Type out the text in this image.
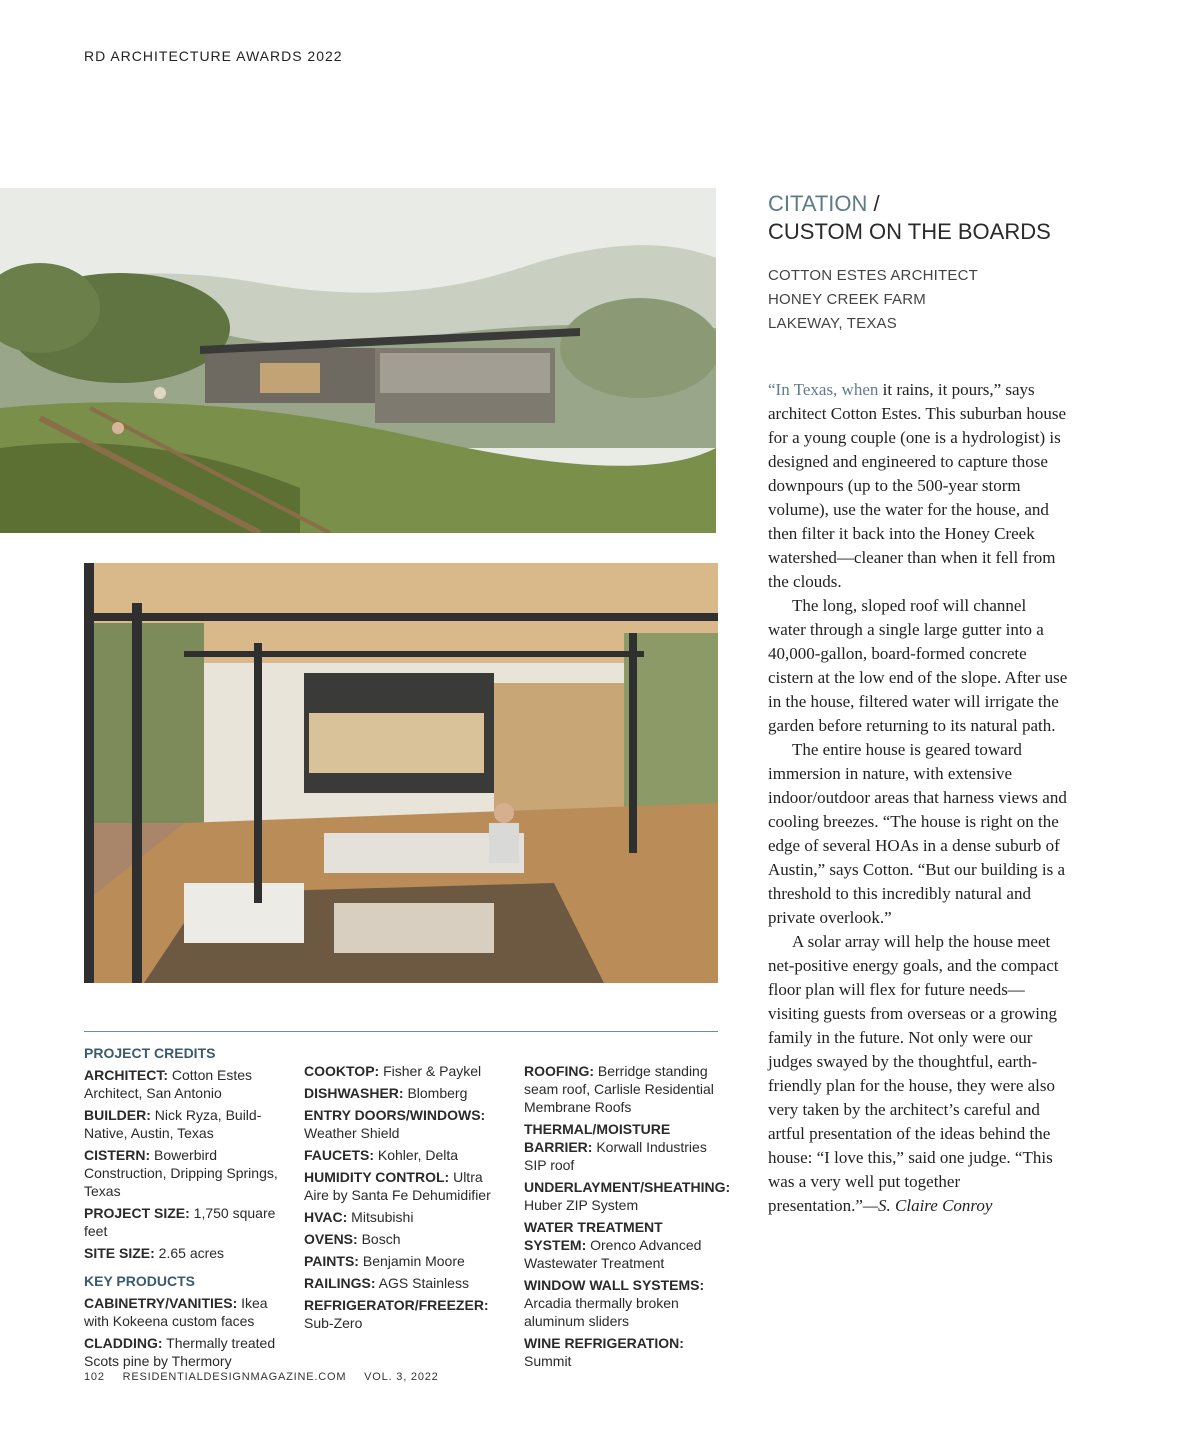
RD ARCHITECTURE AWARDS 2022
CITATION /
CUSTOM ON THE BOARDS
COTTON ESTES ARCHITECT
HONEY CREEK FARM
LAKEWAY, TEXAS

“In Texas, when it rains, it pours,” says architect Cotton Estes. This suburban house for a young couple (one is a hydrologist) is designed and engineered to capture those downpours (up to the 500-year storm volume), use the water for the house, and then filter it back into the Honey Creek watershed—cleaner than when it fell from the clouds.

The long, sloped roof will channel water through a single large gutter into a 40,000-gallon, board-formed concrete cistern at the low end of the slope. After use in the house, filtered water will irrigate the garden before returning to its natural path.

The entire house is geared toward immersion in nature, with extensive indoor/outdoor areas that harness views and cooling breezes. “The house is right on the edge of several HOAs in a dense suburb of Austin,” says Cotton. “But our building is a threshold to this incredibly natural and private overlook.”

A solar array will help the house meet net-positive energy goals, and the compact floor plan will flex for future needs—visiting guests from overseas or a growing family in the future. Not only were our judges swayed by the thoughtful, earth-friendly plan for the house, they were also very taken by the architect’s careful and artful presentation of the ideas behind the house: “I love this,” said one judge. “This was a very well put together presentation.”—S. Claire Conroy

PROJECT CREDITS
ARCHITECT: Cotton Estes Architect, San Antonio
BUILDER: Nick Ryza, Build-Native, Austin, Texas
CISTERN: Bowerbird Construction, Dripping Springs, Texas
PROJECT SIZE: 1,750 square feet
SITE SIZE: 2.65 acres
KEY PRODUCTS
CABINETRY/VANITIES: Ikea with Kokeena custom faces
CLADDING: Thermally treated Scots pine by Thermory
COOKTOP: Fisher & Paykel
DISHWASHER: Blomberg
ENTRY DOORS/WINDOWS: Weather Shield
FAUCETS: Kohler, Delta
HUMIDITY CONTROL: Ultra Aire by Santa Fe Dehumidifier
HVAC: Mitsubishi
OVENS: Bosch
PAINTS: Benjamin Moore
RAILINGS: AGS Stainless
REFRIGERATOR/FREEZER: Sub-Zero
ROOFING: Berridge standing seam roof, Carlisle Residential Membrane Roofs
THERMAL/MOISTURE BARRIER: Korwall Industries SIP roof
UNDERLAYMENT/SHEATHING: Huber ZIP System
WATER TREATMENT SYSTEM: Orenco Advanced Wastewater Treatment
WINDOW WALL SYSTEMS: Arcadia thermally broken aluminum sliders
WINE REFRIGERATION: Summit
102 RESIDENTIALDESIGNMAGAZINE.COM VOL. 3, 2022
